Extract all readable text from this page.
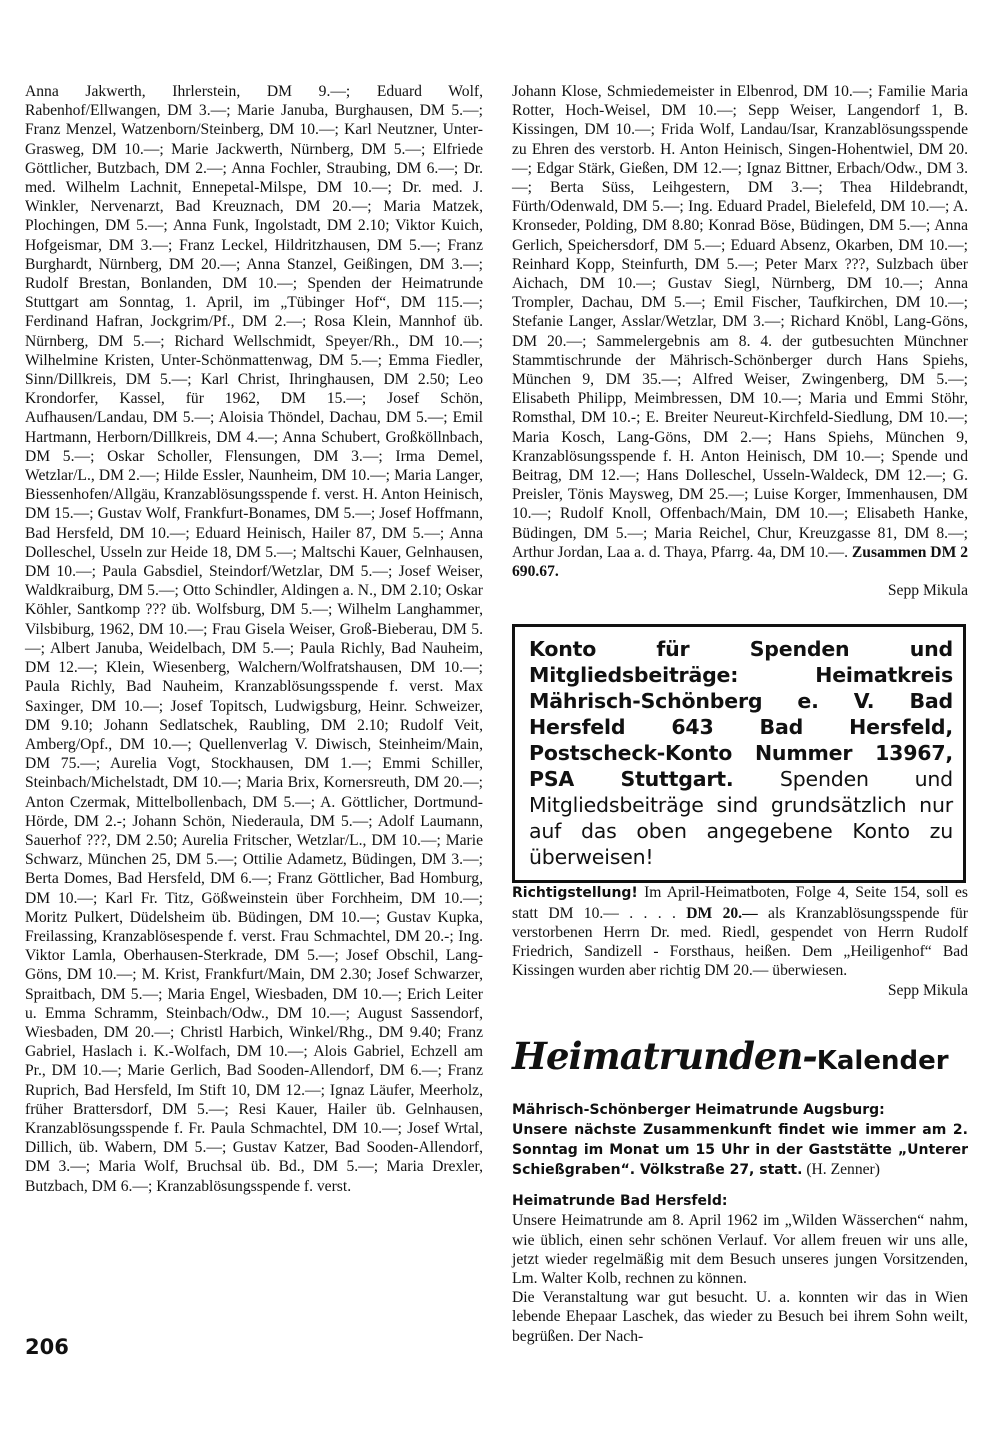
Anna Jakwerth, Ihrlerstein, DM 9.—; Eduard Wolf, Rabenhof/Ellwangen, DM 3.—; Marie Januba, Burghausen, DM 5.—; Franz Menzel, Watzenborn/Steinberg, DM 10.—; Karl Neutzner, Unter-Grasweg, DM 10.—; Marie Jackwerth, Nürnberg, DM 5.—; Elfriede Göttlicher, Butzbach, DM 2.—; Anna Fochler, Straubing, DM 6.—; Dr. med. Wilhelm Lachnit, Ennepetal-Milspe, DM 10.—; Dr. med. J. Winkler, Nervenarzt, Bad Kreuznach, DM 20.—; Maria Matzek, Plochingen, DM 5.—; Anna Funk, Ingolstadt, DM 2.10; Viktor Kuich, Hofgeismar, DM 3.—; Franz Leckel, Hildritzhausen, DM 5.—; Franz Burghardt, Nürnberg, DM 20.—; Anna Stanzel, Geißingen, DM 3.—; Rudolf Brestan, Bonlanden, DM 10.—; Spenden der Heimatrunde Stuttgart am Sonntag, 1. April, im „Tübinger Hof“, DM 115.—; Ferdinand Hafran, Jockgrim/Pf., DM 2.—; Rosa Klein, Mannhof üb. Nürnberg, DM 5.—; Richard Wellschmidt, Speyer/Rh., DM 10.—; Wilhelmine Kristen, Unter-Schönmattenwag, DM 5.—; Emma Fiedler, Sinn/Dillkreis, DM 5.—; Karl Christ, Ihringhausen, DM 2.50; Leo Krondorfer, Kassel, für 1962, DM 15.—; Josef Schön, Aufhausen/Landau, DM 5.—; Aloisia Thöndel, Dachau, DM 5.—; Emil Hartmann, Herborn/Dillkreis, DM 4.—; Anna Schubert, Großköllnbach, DM 5.—; Oskar Scholler, Flensungen, DM 3.—; Irma Demel, Wetzlar/L., DM 2.—; Hilde Essler, Naunheim, DM 10.—; Maria Langer, Biessenhofen/Allgäu, Kranzablösungsspende f. verst. H. Anton Heinisch, DM 15.—; Gustav Wolf, Frankfurt-Bonames, DM 5.—; Josef Hoffmann, Bad Hersfeld, DM 10.—; Eduard Heinisch, Hailer 87, DM 5.—; Anna Dolleschel, Usseln zur Heide 18, DM 5.—; Maltschi Kauer, Gelnhausen, DM 10.—; Paula Gabsdiel, Steindorf/Wetzlar, DM 5.—; Josef Weiser, Waldkraiburg, DM 5.—; Otto Schindler, Aldingen a. N., DM 2.10; Oskar Köhler, Santkomp ??? üb. Wolfsburg, DM 5.—; Wilhelm Langhammer, Vilsbiburg, 1962, DM 10.—; Frau Gisela Weiser, Groß-Bieberau, DM 5.—; Albert Januba, Weidelbach, DM 5.—; Paula Richly, Bad Nauheim, DM 12.—; Klein, Wiesenberg, Walchern/Wolfratshausen, DM 10.—; Paula Richly, Bad Nauheim, Kranzablösungsspende f. verst. Max Saxinger, DM 10.—; Josef Topitsch, Ludwigsburg, Heinr. Schweizer, DM 9.10; Johann Sedlatschek, Raubling, DM 2.10; Rudolf Veit, Amberg/Opf., DM 10.—; Quellenverlag V. Diwisch, Steinheim/Main, DM 75.—; Aurelia Vogt, Stockhausen, DM 1.—; Emmi Schiller, Steinbach/Michelstadt, DM 10.—; Maria Brix, Kornersreuth, DM 20.—; Anton Czermak, Mittelbollenbach, DM 5.—; A. Göttlicher, Dortmund-Hörde, DM 2.-; Johann Schön, Niederaula, DM 5.—; Adolf Laumann, Sauerhof ???, DM 2.50; Aurelia Fritscher, Wetzlar/L., DM 10.—; Marie Schwarz, München 25, DM 5.—; Ottilie Adametz, Büdingen, DM 3.—; Berta Domes, Bad Hersfeld, DM 6.—; Franz Göttlicher, Bad Homburg, DM 10.—; Karl Fr. Titz, Gößweinstein über Forchheim, DM 10.—; Moritz Pulkert, Düdelsheim üb. Büdingen, DM 10.—; Gustav Kupka, Freilassing, Kranzablösespende f. verst. Frau Schmachtel, DM 20.-; Ing. Viktor Lamla, Oberhausen-Sterkrade, DM 5.—; Josef Obschil, Lang-Göns, DM 10.—; M. Krist, Frankfurt/Main, DM 2.30; Josef Schwarzer, Spraitbach, DM 5.—; Maria Engel, Wiesbaden, DM 10.—; Erich Leiter u. Emma Schramm, Steinbach/Odw., DM 10.—; August Sassendorf, Wiesbaden, DM 20.—; Christl Harbich, Winkel/Rhg., DM 9.40; Franz Gabriel, Haslach i. K.-Wolfach, DM 10.—; Alois Gabriel, Echzell am Pr., DM 10.—; Marie Gerlich, Bad Sooden-Allendorf, DM 6.—; Franz Ruprich, Bad Hersfeld, Im Stift 10, DM 12.—; Ignaz Läufer, Meerholz, früher Brattersdorf, DM 5.—; Resi Kauer, Hailer üb. Gelnhausen, Kranzablösungsspende f. Fr. Paula Schmachtel, DM 10.—; Josef Wrtal, Dillich, üb. Wabern, DM 5.—; Gustav Katzer, Bad Sooden-Allendorf, DM 3.—; Maria Wolf, Bruchsal üb. Bd., DM 5.—; Maria Drexler, Butzbach, DM 6.—; Kranzablösungsspende f. verst.

Johann Klose, Schmiedemeister in Elbenrod, DM 10.—; Familie Maria Rotter, Hoch-Weisel, DM 10.—; Sepp Weiser, Langendorf 1, B. Kissingen, DM 10.—; Frida Wolf, Landau/Isar, Kranzablösungsspende zu Ehren des verstorb. H. Anton Heinisch, Singen-Hohentwiel, DM 20.—; Edgar Stärk, Gießen, DM 12.—; Ignaz Bittner, Erbach/Odw., DM 3.—; Berta Süss, Leihgestern, DM 3.—; Thea Hildebrandt, Fürth/Odenwald, DM 5.—; Ing. Eduard Pradel, Bielefeld, DM 10.—; A. Kronseder, Polding, DM 8.80; Konrad Böse, Büdingen, DM 5.—; Anna Gerlich, Speichersdorf, DM 5.—; Eduard Absenz, Okarben, DM 10.—; Reinhard Kopp, Steinfurth, DM 5.—; Peter Marx ???, Sulzbach über Aichach, DM 10.—; Gustav Siegl, Nürnberg, DM 10.—; Anna Trompler, Dachau, DM 5.—; Emil Fischer, Taufkirchen, DM 10.—; Stefanie Langer, Asslar/Wetzlar, DM 3.—; Richard Knöbl, Lang-Göns, DM 20.—; Sammelergebnis am 8. 4. der gutbesuchten Münchner Stammtischrunde der Mährisch-Schönberger durch Hans Spiehs, München 9, DM 35.—; Alfred Weiser, Zwingenberg, DM 5.—; Elisabeth Philipp, Meimbressen, DM 10.—; Maria und Emmi Stöhr, Romsthal, DM 10.-; E. Breiter Neureut-Kirchfeld-Siedlung, DM 10.—; Maria Kosch, Lang-Göns, DM 2.—; Hans Spiehs, München 9, Kranzablösungsspende f. H. Anton Heinisch, DM 10.—; Spende und Beitrag, DM 12.—; Hans Dolleschel, Usseln-Waldeck, DM 12.—; G. Preisler, Tönis Maysweg, DM 25.—; Luise Korger, Immenhausen, DM 10.—; Rudolf Knoll, Offenbach/Main, DM 10.—; Elisabeth Hanke, Büdingen, DM 5.—; Maria Reichel, Chur, Kreuzgasse 81, DM 8.—; Arthur Jordan, Laa a. d. Thaya, Pfarrg. 4a, DM 10.—. Zusammen DM 2 690.67.

Sepp Mikula

Konto für Spenden und Mitgliedsbeiträge: Heimatkreis Mährisch-Schönberg e. V. Bad Hersfeld 643 Bad Hersfeld, Postscheck-Konto Nummer 13967, PSA Stuttgart. Spenden und Mitgliedsbeiträge sind grundsätzlich nur auf das oben angegebene Konto zu überweisen!

Richtigstellung! Im April-Heimatboten, Folge 4, Seite 154, soll es statt DM 10.— . . . . DM 20.— als Kranzablösungsspende für verstorbenen Herrn Dr. med. Riedl, gespendet von Herrn Rudolf Friedrich, Sandizell - Forsthaus, heißen. Dem „Heiligenhof“ Bad Kissingen wurden aber richtig DM 20.— überwiesen.

Sepp Mikula

Heimatrunden-Kalender

Mährisch-Schönberger Heimatrunde Augsburg:

Unsere nächste Zusammenkunft findet wie immer am 2. Sonntag im Monat um 15 Uhr in der Gaststätte „Unterer Schießgraben“. Völkstraße 27, statt. (H. Zenner)

Heimatrunde Bad Hersfeld:

Unsere Heimatrunde am 8. April 1962 im „Wilden Wässerchen“ nahm, wie üblich, einen sehr schönen Verlauf. Vor allem freuen wir uns alle, jetzt wieder regelmäßig mit dem Besuch unseres jungen Vorsitzenden, Lm. Walter Kolb, rechnen zu können.

Die Veranstaltung war gut besucht. U. a. konnten wir das in Wien lebende Ehepaar Laschek, das wieder zu Besuch bei ihrem Sohn weilt, begrüßen. Der Nach-

206
